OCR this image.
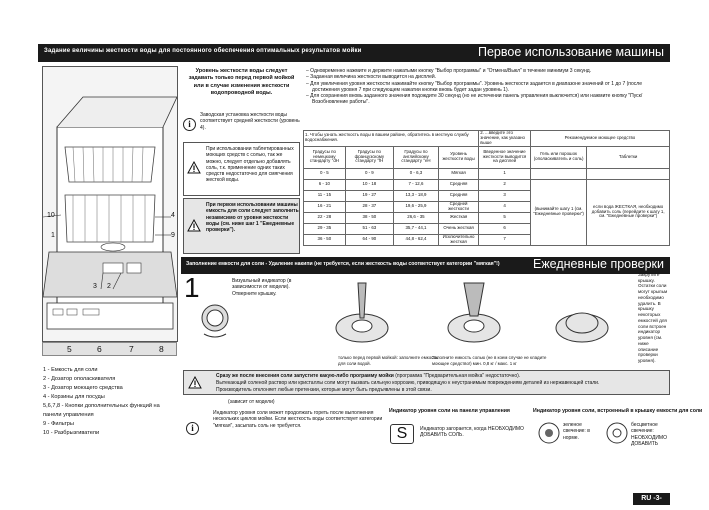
Задание величины жесткости воды для постоянного обеспечения оптимальных результатов мойки	Первое использование машины
10
1
4
9
3 2
5	6	7	8
1 - Емкость для соли
2 - Дозатор ополаскивателя
3 - Дозатор моющего средства
4 - Корзины для посуды
5,6,7,8 - Кнопки дополнительных функций на
панели управления
9 - Фильтры
10 - Разбрызгиватели
Уровень жесткости воды следует задавать только перед первой мойкой или в случае изменения жесткости водопроводной воды.
i
Заводская установка жесткости воды соответствует средней жесткости (уровень 4).
При использовании таблетированных моющих средств с солью, так же можно, следует отдельно добавлять соль, т.к. применение одних таких средств недостаточно для смягчения жесткой воды.
При первом использовании машины емкость для соли следует заполнить независимо от уровня жесткости воды (см. ниже шаг 1 "Ежедневные проверки").
– Одновременно нажмите и держите нажатыми кнопку "Выбор программы" и "Отмена/Выкл" в течение минимум 3 секунд.
– Заданная величина жесткости выводится на дисплей.
– Для увеличения уровня жесткости нажимайте кнопку "Выбор программы". Уровень жесткости задается в диапазоне значений от 1 до 7 (после достижения уровня 7 при следующем нажатии кнопки вновь будет задан уровень 1).
– Для сохранения вновь заданного значения подождите 30 секунд (но не истечении панель управления выключится) или нажмите кнопку "Пуск/Возобновление работы".
1. Чтобы узнать жесткость воды в вашем районе, обратитесь в местную службу водоснабжения.				2. ...введите это значение, как указано выше	Рекомендуемое моющее средство	
Градусы по немецкому стандарту °dH	Градусы по французскому стандарту °fH	Градусы по английскому стандарту °eH	Уровень жесткости воды	Введенное значение жесткости выводится на дисплей	Гель или порошок (ополаскиватель и соль)	Таблетки
0 - 5	0 - 9	0 - 6,3	Мягкая	1		
6 - 10	10 - 18	7 - 12,6	Средняя	2	(вынимайте шагу 1 (см. "Ежедневные проверки")	если вода ЖЕСТКАЯ, необходимо добавить соль (перейдите к шагу 1, см. "Ежедневные проверки")
11 - 15	19 - 27	13,3 - 18,9	Средняя	3		
16 - 21	28 - 37	19,6 - 25,9	Средней жесткости	4		
22 - 28	38 - 50	26,6 - 35	Жесткая	5		
29 - 35	51 - 63	35,7 - 44,1	Очень жесткая	6		
36 - 50	64 - 90	44,8 - 62,4	Исключительно жесткая	7		
Заполнение емкости для соли - Удаление накипи (не требуется, если жесткость воды соответствует категории "мягкая"!)	Ежедневные проверки
1	Визуальный индикатор (в зависимости от модели). Отверните крышку.
только перед первой мойкой: заполните емкость для соли водой.
Заполните емкость солью (не в коем случае не кладите моющее средство!) мин. 0,8 кг / макс. 1 кг
Закрутите крышку. Остатки соли могут крыльм необходимо удалить. В крышку некоторых емкостей для соли встроен индикатор уровня (см. ниже описание проверки уровня).
Сразу же после внесения соли запустите какую-либо программу мойки (программа "Предварительная мойка" недостаточно).
Вытекающий соленой раствор или кристаллы соли могут вызвать сильную коррозию, приводящую к неустранимым повреждениям деталей из нержавеющей стали.
Производитель отклоняет любые претензии, которые могут быть предъявлены в этой связи.
(зависит от модели)
i
Индикатор уровня соли может продолжать гореть после выполнения нескольких циклов мойки. Если жесткость воды соответствует категории "мягкая", засыпать соль не требуется.
Индикатор уровня соли на панели управления
S	Индикатор загорается, когда НЕОБХОДИМО ДОБАВИТЬ СОЛЬ.
Индикатор уровня соли, встроенный в крышку емкости для соли
зеленое свечение: в норме.
бесцветное свечение: НЕОБХОДИМО ДОБАВИТЬ
RU -3-
